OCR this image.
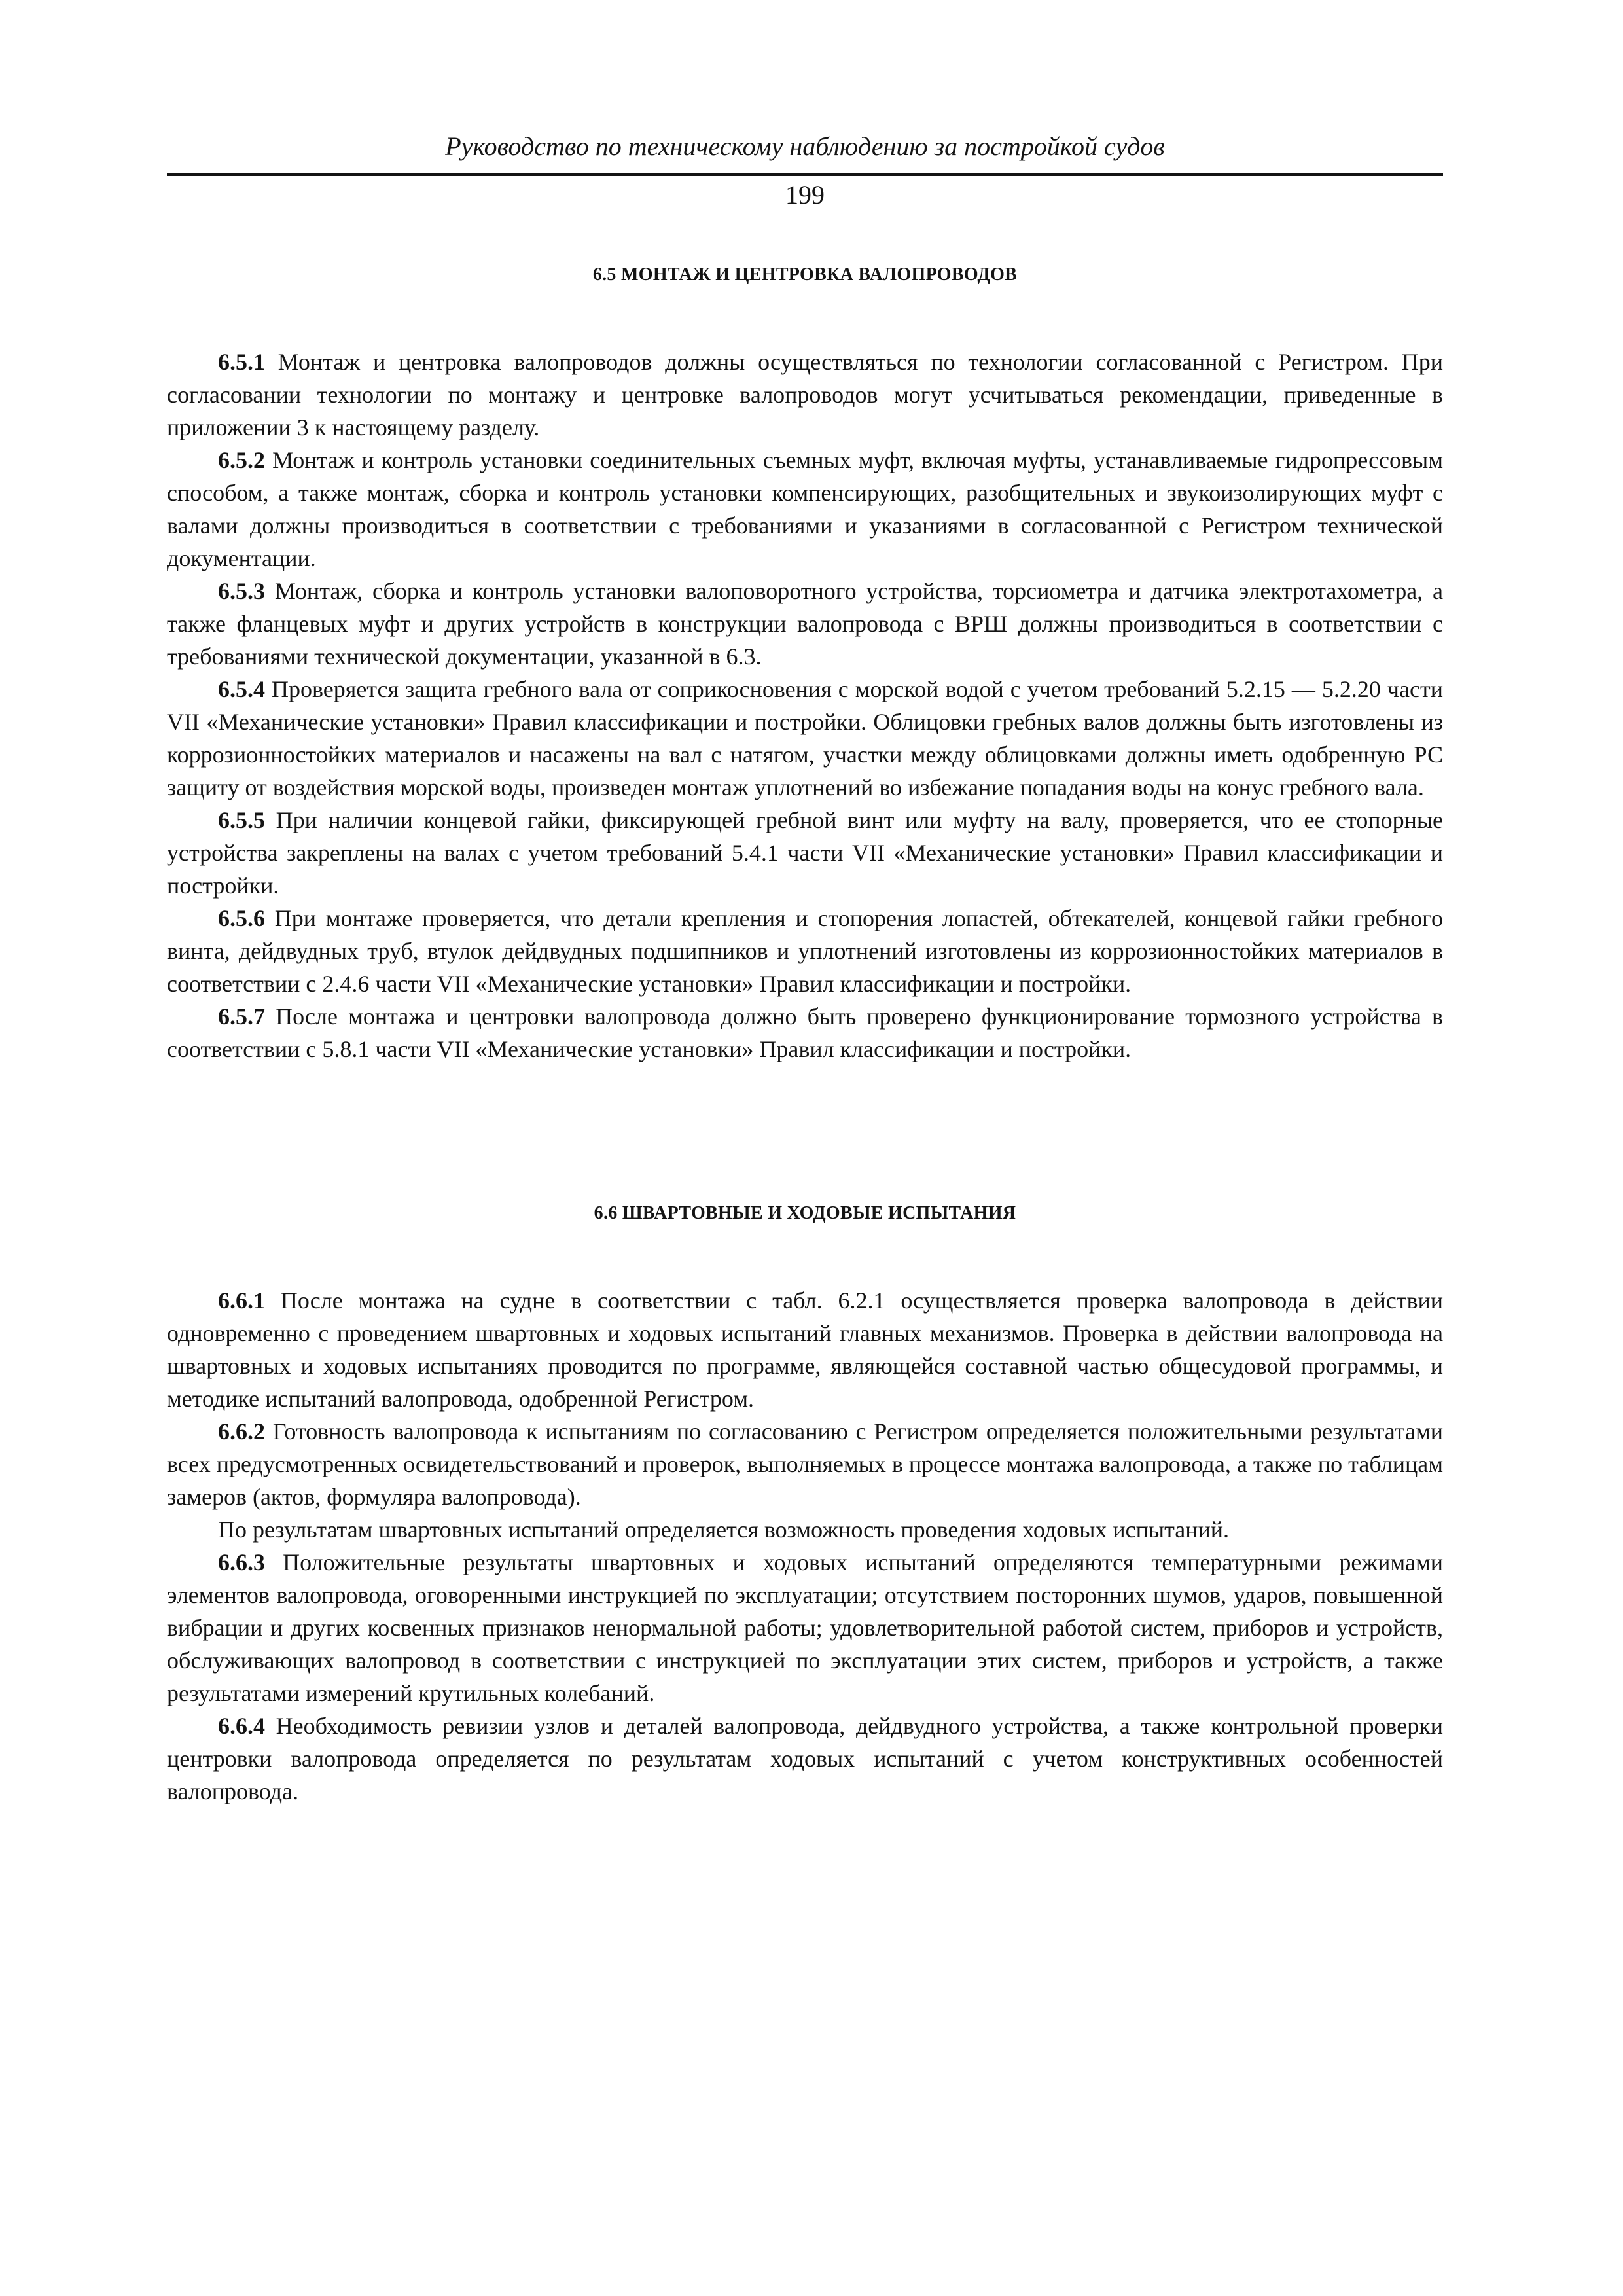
Руководство по техническому наблюдению за постройкой судов
199
6.5 МОНТАЖ И ЦЕНТРОВКА ВАЛОПРОВОДОВ

6.5.1 Монтаж и центровка валопроводов должны осуществляться по технологии согласованной с Регистром. При согласовании технологии по монтажу и центровке валопроводов могут усчитываться рекомендации, приведенные в приложении 3 к настоящему разделу.

6.5.2 Монтаж и контроль установки соединительных съемных муфт, включая муфты, устанавливаемые гидропрессовым способом, а также монтаж, сборка и контроль установки компенсирующих, разобщительных и звукоизолирующих муфт с валами должны производиться в соответствии с требованиями и указаниями в согласованной с Регистром технической документации.

6.5.3 Монтаж, сборка и контроль установки валоповоротного устройства, торсиометра и датчика электротахометра, а также фланцевых муфт и других устройств в конструкции валопровода с ВРШ должны производиться в соответствии с требованиями технической документации, указанной в 6.3.

6.5.4 Проверяется защита гребного вала от соприкосновения с морской водой с учетом требований 5.2.15 — 5.2.20 части VII «Механические установки» Правил классификации и постройки. Облицовки гребных валов должны быть изготовлены из коррозионностойких материалов и насажены на вал с натягом, участки между облицовками должны иметь одобренную РС защиту от воздействия морской воды, произведен монтаж уплотнений во избежание попадания воды на конус гребного вала.

6.5.5 При наличии концевой гайки, фиксирующей гребной винт или муфту на валу, проверяется, что ее стопорные устройства закреплены на валах с учетом требований 5.4.1 части VII «Механические установки» Правил классификации и постройки.

6.5.6 При монтаже проверяется, что детали крепления и стопорения лопастей, обтекателей, концевой гайки гребного винта, дейдвудных труб, втулок дейдвудных подшипников и уплотнений изготовлены из коррозионностойких материалов в соответствии с 2.4.6 части VII «Механические установки» Правил классификации и постройки.

6.5.7 После монтажа и центровки валопровода должно быть проверено функционирование тормозного устройства в соответствии с 5.8.1 части VII «Механические установки» Правил классификации и постройки.

6.6 ШВАРТОВНЫЕ И ХОДОВЫЕ ИСПЫТАНИЯ

6.6.1 После монтажа на судне в соответствии с табл. 6.2.1 осуществляется проверка валопровода в действии одновременно с проведением швартовных и ходовых испытаний главных механизмов. Проверка в действии валопровода на швартовных и ходовых испытаниях проводится по программе, являющейся составной частью общесудовой программы, и методике испытаний валопровода, одобренной Регистром.

6.6.2 Готовность валопровода к испытаниям по согласованию с Регистром определяется положительными результатами всех предусмотренных освидетельствований и проверок, выполняемых в процессе монтажа валопровода, а также по таблицам замеров (актов, формуляра валопровода).

По результатам швартовных испытаний определяется возможность проведения ходовых испытаний.

6.6.3 Положительные результаты швартовных и ходовых испытаний определяются температурными режимами элементов валопровода, оговоренными инструкцией по эксплуатации; отсутствием посторонних шумов, ударов, повышенной вибрации и других косвенных признаков ненормальной работы; удовлетворительной работой систем, приборов и устройств, обслуживающих валопровод в соответствии с инструкцией по эксплуатации этих систем, приборов и устройств, а также результатами измерений крутильных колебаний.

6.6.4 Необходимость ревизии узлов и деталей валопровода, дейдвудного устройства, а также контрольной проверки центровки валопровода определяется по результатам ходовых испытаний с учетом конструктивных особенностей валопровода.
